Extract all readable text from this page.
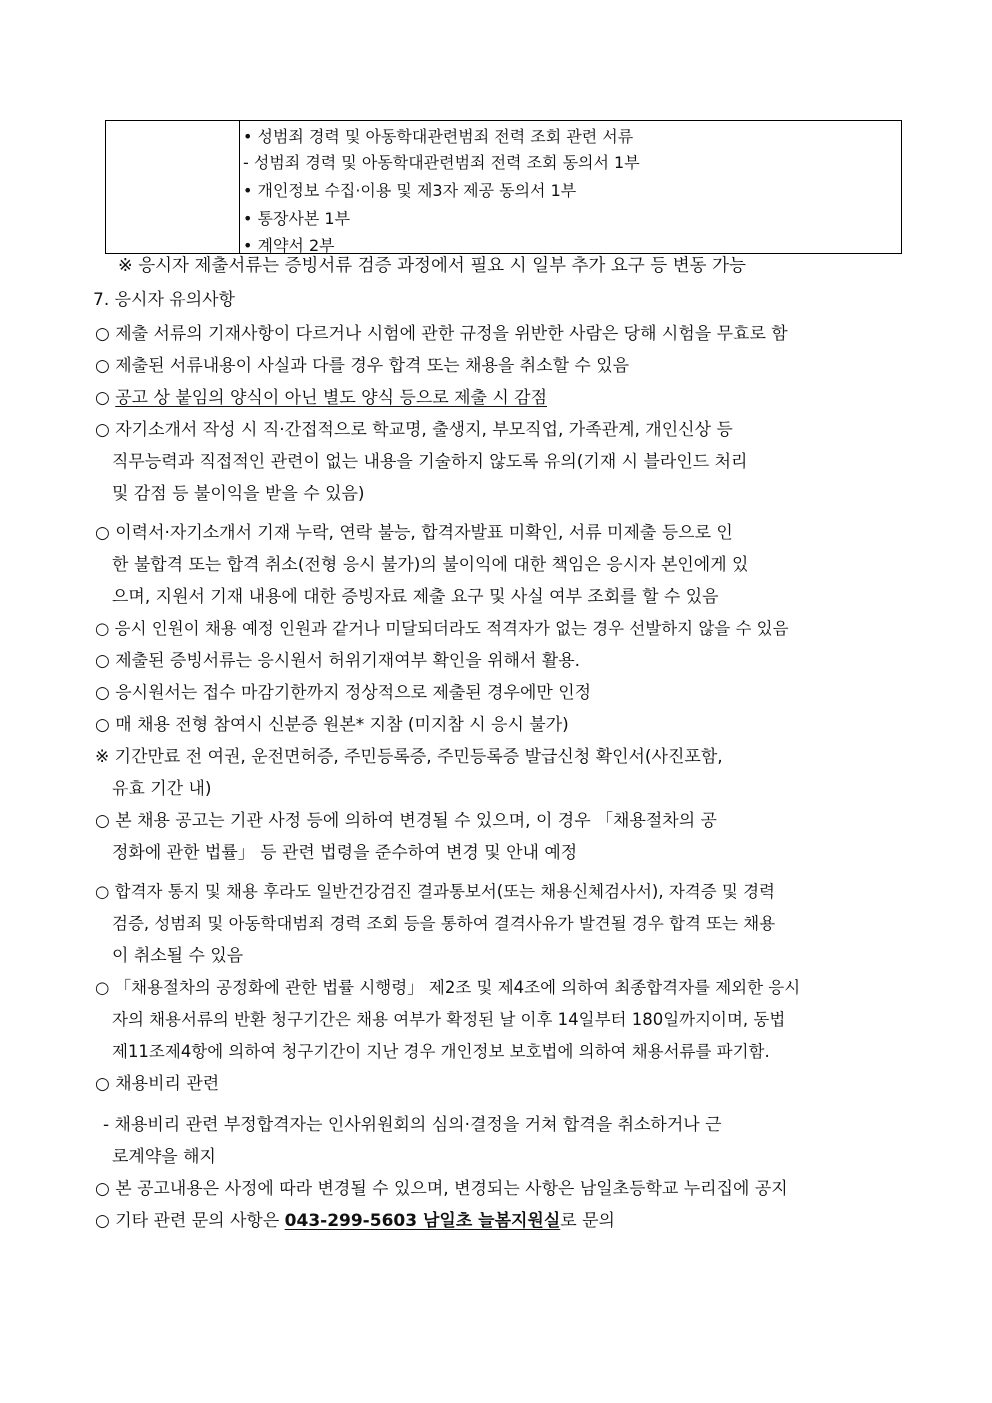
• 성범죄 경력 및 아동학대관련범죄 전력 조회 관련 서류
- 성범죄 경력 및 아동학대관련범죄 전력 조회 동의서 1부
• 개인정보 수집·이용 및 제3자 제공 동의서 1부
• 통장사본 1부
• 계약서 2부
※ 응시자 제출서류는 증빙서류 검증 과정에서 필요 시 일부 추가 요구 등 변동 가능
7. 응시자 유의사항
○ 제출 서류의 기재사항이 다르거나 시험에 관한 규정을 위반한 사람은 당해 시험을 무효로 함
○ 제출된 서류내용이 사실과 다를 경우 합격 또는 채용을 취소할 수 있음
○ 공고 상 붙임의 양식이 아닌 별도 양식 등으로 제출 시 감점
○ 자기소개서 작성 시 직·간접적으로 학교명, 출생지, 부모직업, 가족관계, 개인신상 등
직무능력과 직접적인 관련이 없는 내용을 기술하지 않도록 유의(기재 시 블라인드 처리
및 감점 등 불이익을 받을 수 있음)
○ 이력서·자기소개서 기재 누락, 연락 불능, 합격자발표 미확인, 서류 미제출 등으로 인
한 불합격 또는 합격 취소(전형 응시 불가)의 불이익에 대한 책임은 응시자 본인에게 있
으며, 지원서 기재 내용에 대한 증빙자료 제출 요구 및 사실 여부 조회를 할 수 있음
○ 응시 인원이 채용 예정 인원과 같거나 미달되더라도 적격자가 없는 경우 선발하지 않을 수 있음
○ 제출된 증빙서류는 응시원서 허위기재여부 확인을 위해서 활용.
○ 응시원서는 접수 마감기한까지 정상적으로 제출된 경우에만 인정
○ 매 채용 전형 참여시 신분증 원본* 지참 (미지참 시 응시 불가)
※ 기간만료 전 여권, 운전면허증, 주민등록증, 주민등록증 발급신청 확인서(사진포함,
유효 기간 내)
○ 본 채용 공고는 기관 사정 등에 의하여 변경될 수 있으며, 이 경우 「채용절차의 공
정화에 관한 법률」 등 관련 법령을 준수하여 변경 및 안내 예정
○ 합격자 통지 및 채용 후라도 일반건강검진 결과통보서(또는 채용신체검사서), 자격증 및 경력
검증, 성범죄 및 아동학대범죄 경력 조회 등을 통하여 결격사유가 발견될 경우 합격 또는 채용
이 취소될 수 있음
○ 「채용절차의 공정화에 관한 법률 시행령」 제2조 및 제4조에 의하여 최종합격자를 제외한 응시
자의 채용서류의 반환 청구기간은 채용 여부가 확정된 날 이후 14일부터 180일까지이며, 동법
제11조제4항에 의하여 청구기간이 지난 경우 개인정보 보호법에 의하여 채용서류를 파기함.
○ 채용비리 관련
- 채용비리 관련 부정합격자는 인사위원회의 심의·결정을 거쳐 합격을 취소하거나 근
로계약을 해지
○ 본 공고내용은 사정에 따라 변경될 수 있으며, 변경되는 사항은 남일초등학교 누리집에 공지
○ 기타 관련 문의 사항은 043-299-5603 남일초 늘봄지원실로 문의
